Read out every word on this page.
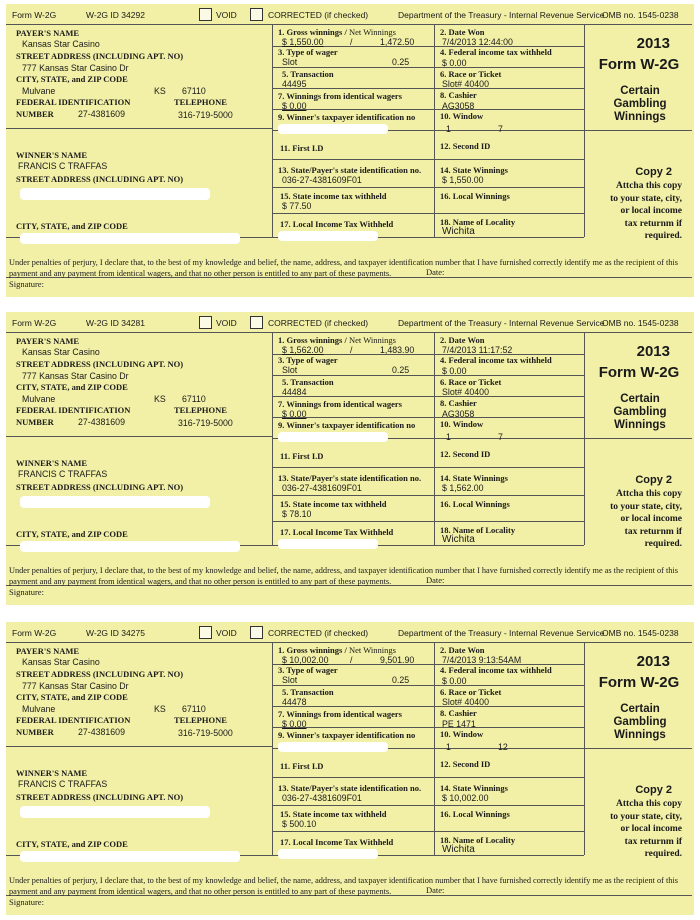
Form W-2G	W-2G ID 34292	VOID	CORRECTED (if checked)	Department of the Treasury - Internal Revenue Service
OMB no. 1545-0238
PAYER'S NAME
Kansas Star Casino
STREET ADDRESS (INCLUDING APT. NO)
777 Kansas Star Casino Dr
CITY, STATE, and ZIP CODE
Mulvane	KS 67110
FEDERAL IDENTIFICATION	TELEPHONE
NUMBER	27-4381609	316-719-5000
WINNER'S NAME
FRANCIS C TRAFFAS
STREET ADDRESS (INCLUDING APT. NO)
CITY, STATE, and ZIP CODE
1. Gross winnings / Net Winnings
$ 1,550.00	/	1,472.50
2. Date Won
7/4/2013 12:44:00
3. Type of wager
Slot	0.25
4. Federal income tax withheld
$ 0.00
5. Transaction
44495
6. Race or Ticket
Slot# 40400
7. Winnings from identical wagers
$ 0.00
8. Cashier
AG3058
9. Winner's taxpayer identification no	10. Window
1	7
11. First I.D	12. Second ID
13. State/Payer's state identification no.
036-27-4381609F01
14. State Winnings
$ 1,550.00
15. State income tax withheld
$ 77.50
16. Local Winnings
17. Local Income Tax Withheld	18. Name of Locality
Wichita
2013
Form W-2G
Certain
Gambling
Winnings
Copy 2
Attcha this copy
to your state, city,
or local income
tax returnm if
required.
Under penalties of perjury, I declare that, to the best of my knowledge and belief, the name, address, and taxpayer identification number that I have furnished correctly identify me as the recipient of this payment and any payment from identical wagers, and that no other person is entitled to any part of these payments.	Date:
Signature:
Form W-2G	W-2G ID 34281	VOID	CORRECTED (if checked)	Department of the Treasury - Internal Revenue Service
OMB no. 1545-0238
PAYER'S NAME
Kansas Star Casino
STREET ADDRESS (INCLUDING APT. NO)
777 Kansas Star Casino Dr
CITY, STATE, and ZIP CODE
Mulvane	KS 67110
FEDERAL IDENTIFICATION	TELEPHONE
NUMBER	27-4381609	316-719-5000
WINNER'S NAME
FRANCIS C TRAFFAS
STREET ADDRESS (INCLUDING APT. NO)
CITY, STATE, and ZIP CODE
1. Gross winnings / Net Winnings
$ 1,562.00	/	1,483.90
2. Date Won
7/4/2013 11:17:52
3. Type of wager
Slot	0.25
4. Federal income tax withheld
$ 0.00
5. Transaction
44484
6. Race or Ticket
Slot# 40400
7. Winnings from identical wagers
$ 0.00
8. Cashier
AG3058
9. Winner's taxpayer identification no	10. Window
1	7
11. First I.D	12. Second ID
13. State/Payer's state identification no.
036-27-4381609F01
14. State Winnings
$ 1,562.00
15. State income tax withheld
$ 78.10
16. Local Winnings
17. Local Income Tax Withheld	18. Name of Locality
Wichita
2013
Form W-2G
Certain
Gambling
Winnings
Copy 2
Attcha this copy
to your state, city,
or local income
tax returnm if
required.
Under penalties of perjury, I declare that, to the best of my knowledge and belief, the name, address, and taxpayer identification number that I have furnished correctly identify me as the recipient of this payment and any payment from identical wagers, and that no other person is entitled to any part of these payments.	Date:
Signature:
Form W-2G	W-2G ID 34275	VOID	CORRECTED (if checked)	Department of the Treasury - Internal Revenue Service
OMB no. 1545-0238
PAYER'S NAME
Kansas Star Casino
STREET ADDRESS (INCLUDING APT. NO)
777 Kansas Star Casino Dr
CITY, STATE, and ZIP CODE
Mulvane	KS 67110
FEDERAL IDENTIFICATION	TELEPHONE
NUMBER	27-4381609	316-719-5000
WINNER'S NAME
FRANCIS C TRAFFAS
STREET ADDRESS (INCLUDING APT. NO)
CITY, STATE, and ZIP CODE
1. Gross winnings / Net Winnings
$ 10,002.00 /	9,501.90
2. Date Won
7/4/2013 9:13:54AM
3. Type of wager
Slot	0.25
4. Federal income tax withheld
$ 0.00
5. Transaction
44478
6. Race or Ticket
Slot# 40400
7. Winnings from identical wagers
$ 0.00
8. Cashier
PE 1471
9. Winner's taxpayer identification no	10. Window
1	12
11. First I.D	12. Second ID
13. State/Payer's state identification no.
036-27-4381609F01
14. State Winnings
$ 10,002.00
15. State income tax withheld
$ 500.10
16. Local Winnings
17. Local Income Tax Withheld	18. Name of Locality
Wichita
2013
Form W-2G
Certain
Gambling
Winnings
Copy 2
Attcha this copy
to your state, city,
or local income
tax returnm if
required.
Under penalties of perjury, I declare that, to the best of my knowledge and belief, the name, address, and taxpayer identification number that I have furnished correctly identify me as the recipient of this payment and any payment from identical wagers, and that no other person is entitled to any part of these payments.	Date:
Signature:
